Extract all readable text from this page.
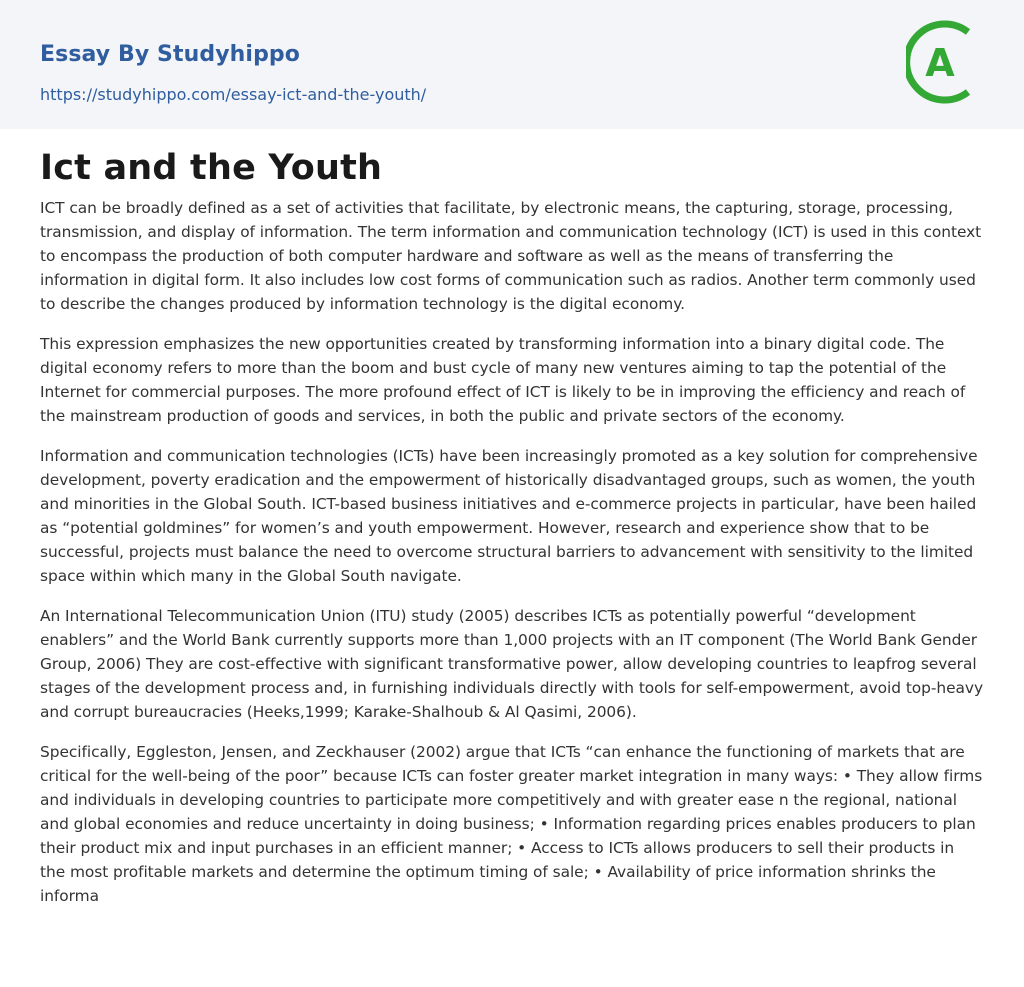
Essay By Studyhippo
https://studyhippo.com/essay-ict-and-the-youth/
A
Ict and the Youth

ICT can be broadly defined as a set of activities that facilitate, by electronic means, the capturing, storage, processing, transmission, and display of information. The term information and communication technology (ICT) is used in this context to encompass the production of both computer hardware and software as well as the means of transferring the information in digital form. It also includes low cost forms of communication such as radios. Another term commonly used to describe the changes produced by information technology is the digital economy.

This expression emphasizes the new opportunities created by transforming information into a binary digital code. The digital economy refers to more than the boom and bust cycle of many new ventures aiming to tap the potential of the Internet for commercial purposes. The more profound effect of ICT is likely to be in improving the efficiency and reach of the mainstream production of goods and services, in both the public and private sectors of the economy.

Information and communication technologies (ICTs) have been increasingly promoted as a key solution for comprehensive development, poverty eradication and the empowerment of historically disadvantaged groups, such as women, the youth and minorities in the Global South. ICT-based business initiatives and e-commerce projects in particular, have been hailed as “potential goldmines” for women’s and youth empowerment. However, research and experience show that to be successful, projects must balance the need to overcome structural barriers to advancement with sensitivity to the limited space within which many in the Global South navigate.

An International Telecommunication Union (ITU) study (2005) describes ICTs as potentially powerful “development enablers” and the World Bank currently supports more than 1,000 projects with an IT component (The World Bank Gender Group, 2006) They are cost-effective with significant transformative power, allow developing countries to leapfrog several stages of the development process and, in furnishing individuals directly with tools for self-empowerment, avoid top-heavy and corrupt bureaucracies (Heeks,1999; Karake-Shalhoub & Al Qasimi, 2006).

Specifically, Eggleston, Jensen, and Zeckhauser (2002) argue that ICTs “can enhance the functioning of markets that are critical for the well-being of the poor” because ICTs can foster greater market integration in many ways: • They allow firms and individuals in developing countries to participate more competitively and with greater ease n the regional, national and global economies and reduce uncertainty in doing business; • Information regarding prices enables producers to plan their product mix and input purchases in an efficient manner; • Access to ICTs allows producers to sell their products in the most profitable markets and determine the optimum timing of sale; • Availability of price information shrinks the informa
